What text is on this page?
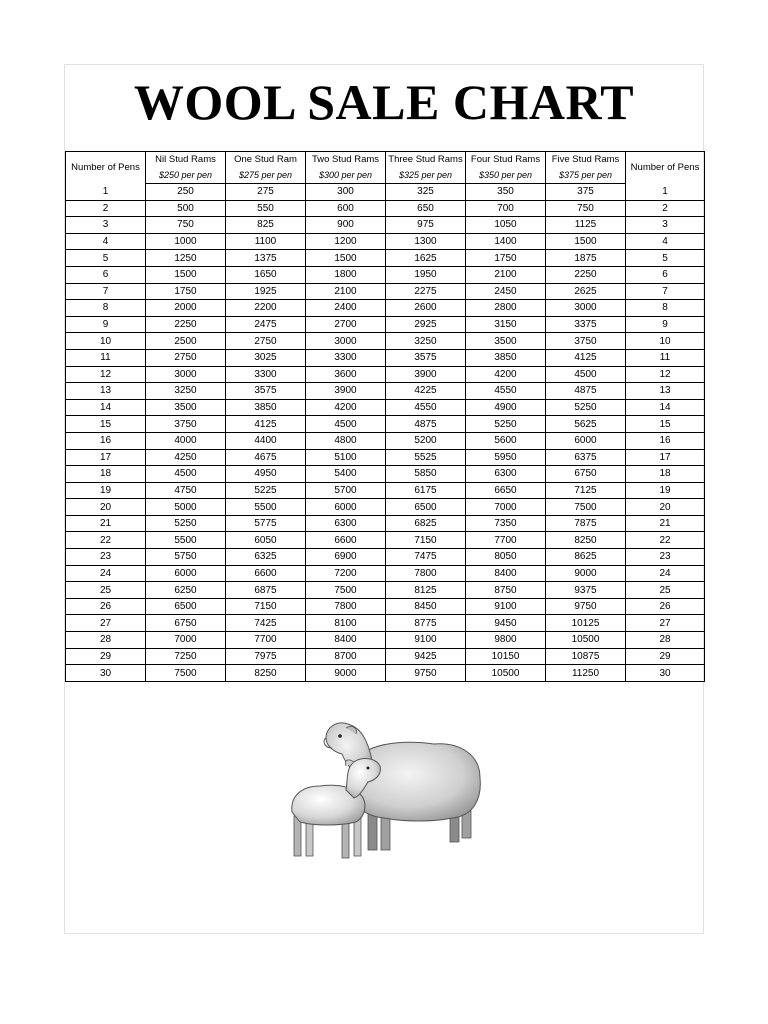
WOOL SALE CHART
Number of Pens	Nil Stud Rams	One Stud Ram	Two Stud Rams	Three Stud Rams	Four Stud Rams	Five Stud Rams	Number of Pens
	$250 per pen	$275 per pen	$300 per pen	$325 per pen	$350 per pen	$375 per pen	
1	250	275	300	325	350	375	1
2	500	550	600	650	700	750	2
3	750	825	900	975	1050	1125	3
4	1000	1100	1200	1300	1400	1500	4
5	1250	1375	1500	1625	1750	1875	5
6	1500	1650	1800	1950	2100	2250	6
7	1750	1925	2100	2275	2450	2625	7
8	2000	2200	2400	2600	2800	3000	8
9	2250	2475	2700	2925	3150	3375	9
10	2500	2750	3000	3250	3500	3750	10
11	2750	3025	3300	3575	3850	4125	11
12	3000	3300	3600	3900	4200	4500	12
13	3250	3575	3900	4225	4550	4875	13
14	3500	3850	4200	4550	4900	5250	14
15	3750	4125	4500	4875	5250	5625	15
16	4000	4400	4800	5200	5600	6000	16
17	4250	4675	5100	5525	5950	6375	17
18	4500	4950	5400	5850	6300	6750	18
19	4750	5225	5700	6175	6650	7125	19
20	5000	5500	6000	6500	7000	7500	20
21	5250	5775	6300	6825	7350	7875	21
22	5500	6050	6600	7150	7700	8250	22
23	5750	6325	6900	7475	8050	8625	23
24	6000	6600	7200	7800	8400	9000	24
25	6250	6875	7500	8125	8750	9375	25
26	6500	7150	7800	8450	9100	9750	26
27	6750	7425	8100	8775	9450	10125	27
28	7000	7700	8400	9100	9800	10500	28
29	7250	7975	8700	9425	10150	10875	29
30	7500	8250	9000	9750	10500	11250	30
